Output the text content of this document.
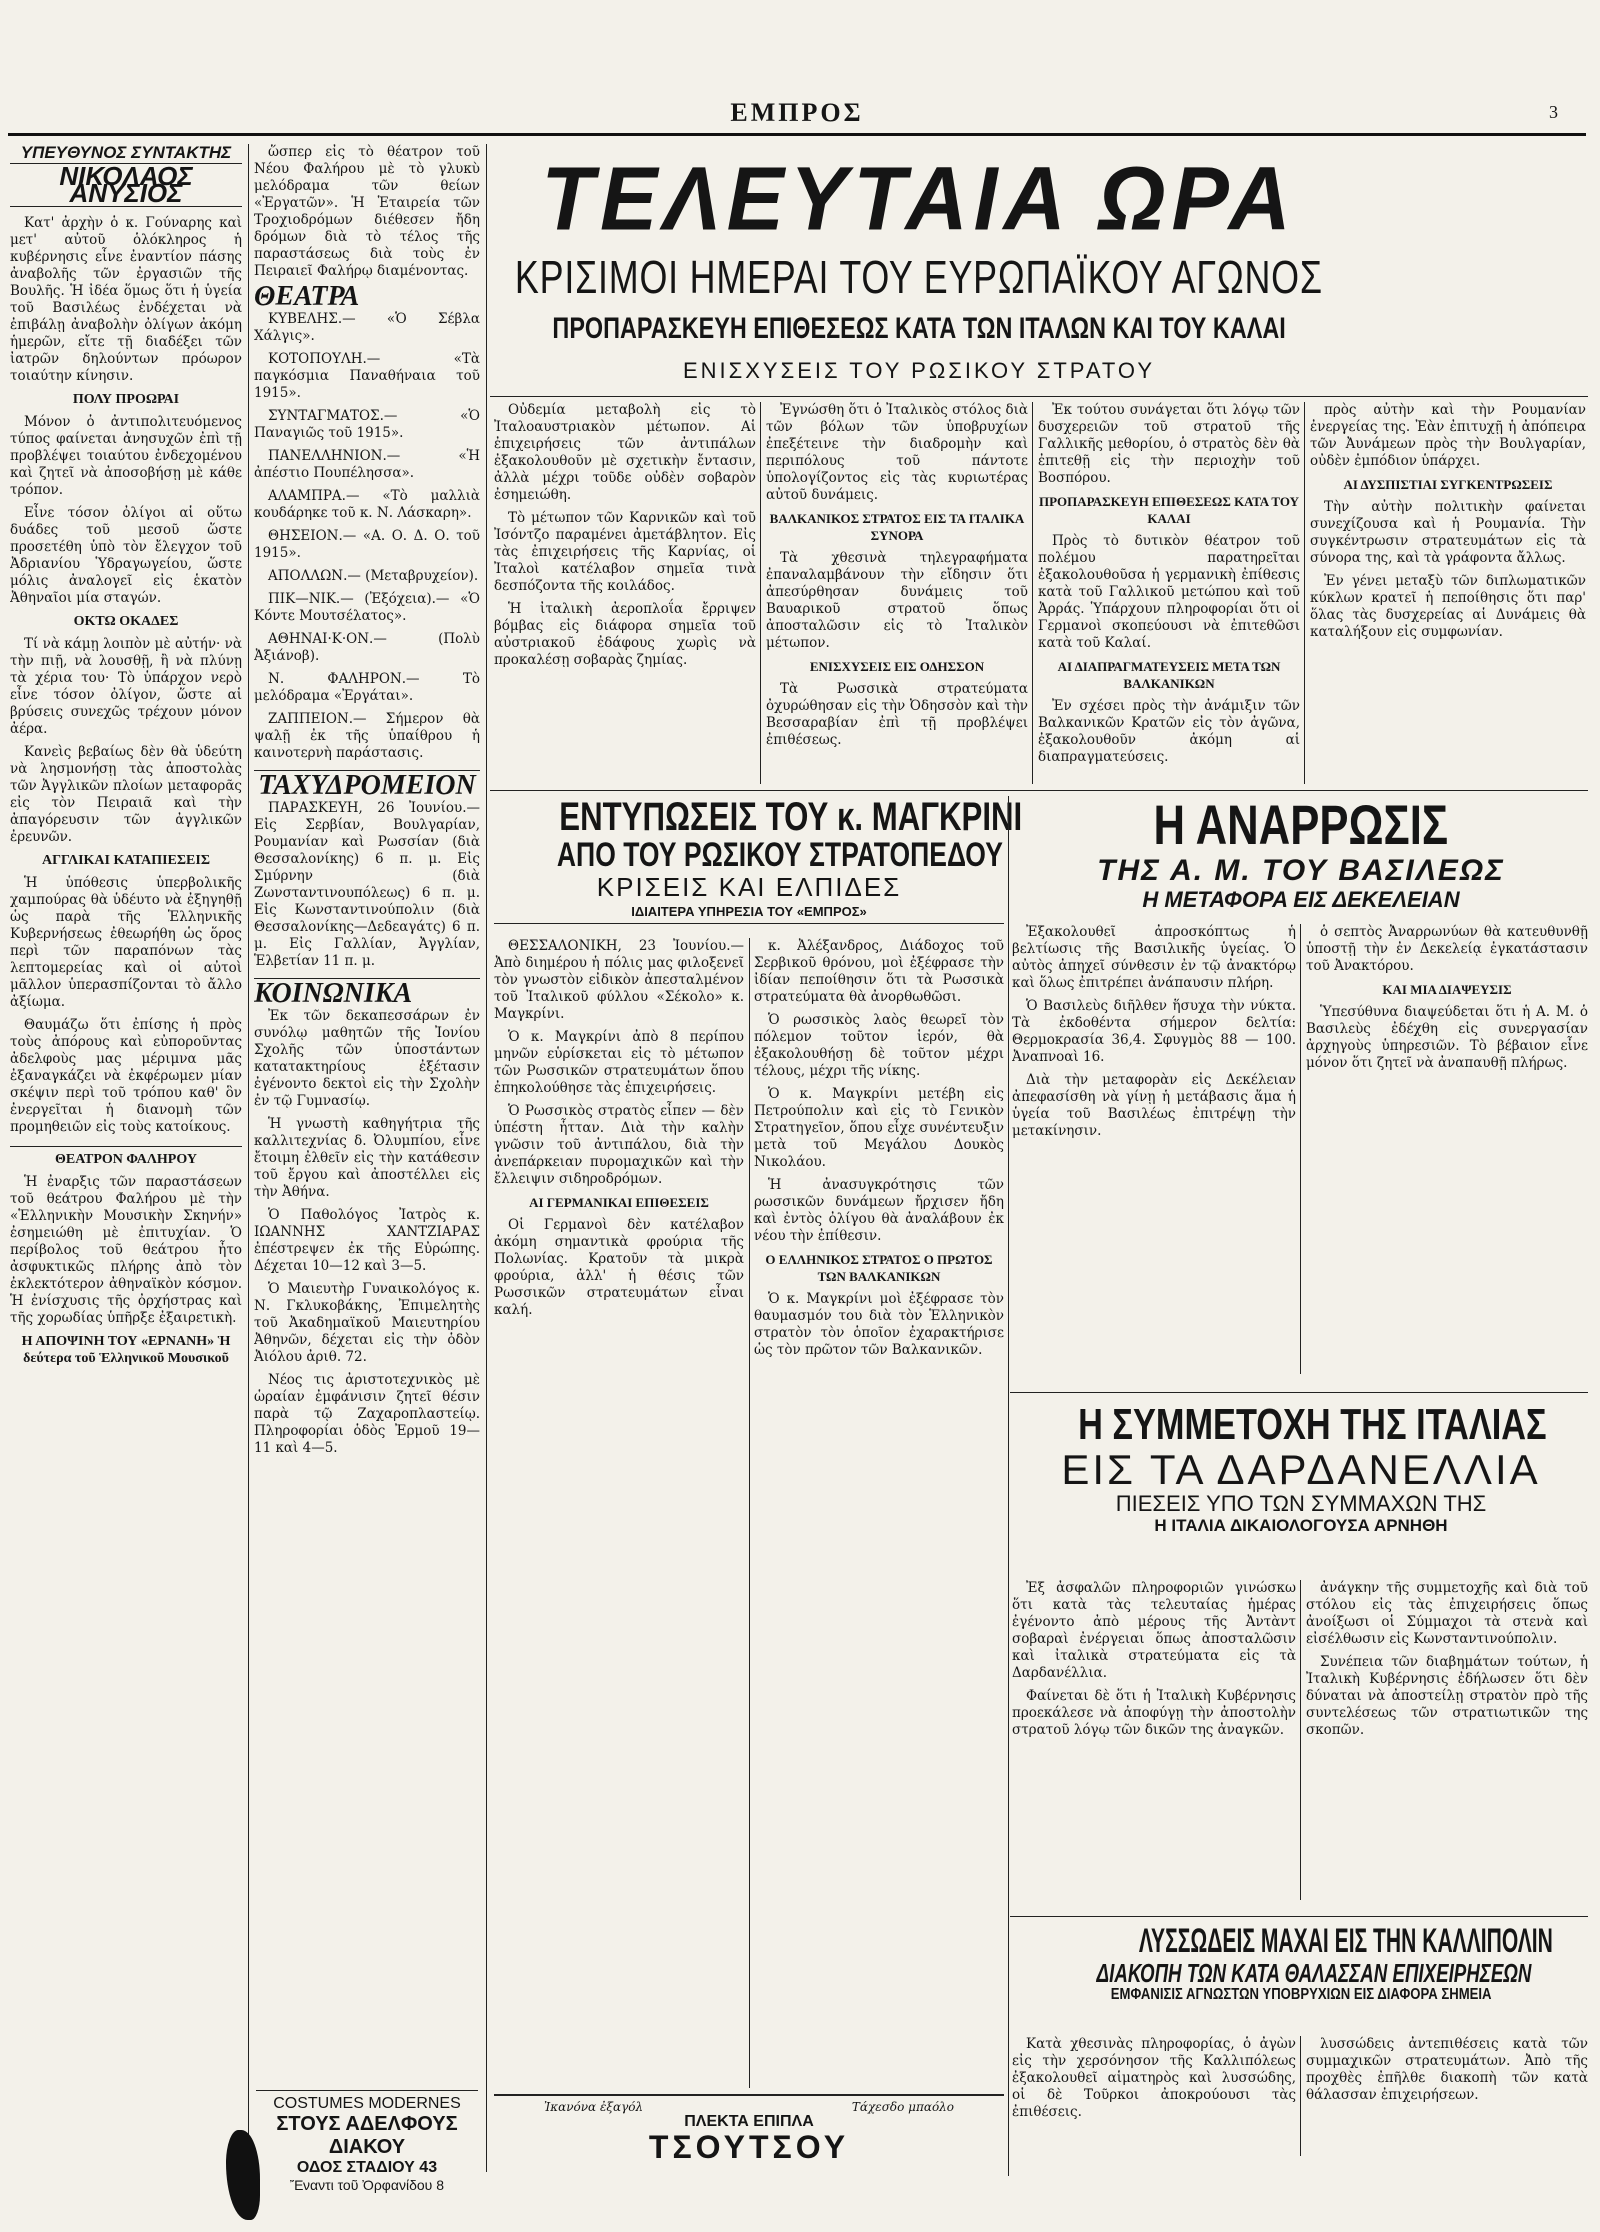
ΕΜΠΡΟΣ	3
ΥΠΕΥΘΥΝΟΣ ΣΥΝΤΑΚΤΗΣ
ΝΙΚΟΛΑΟΣ ΑΝΥΣΙΟΣ

Κατ' ἀρχὴν ὁ κ. Γούναρης καὶ μετ' αὐτοῦ ὁλόκληρος ἡ κυβέρνησις εἶνε ἐναντίον πάσης ἀναβολῆς τῶν ἐργασιῶν τῆς Βουλῆς. Ἡ ἰδέα ὅμως ὅτι ἡ ὑγεία τοῦ Βασιλέως ἐνδέχεται νὰ ἐπιβάλῃ ἀναβολὴν ὀλίγων ἀκόμη ἡμερῶν, εἴτε τῇ διαδέξει τῶν ἰατρῶν δηλούντων πρόωρον τοιαύτην κίνησιν.

ΠΟΛΥ ΠΡΟΩΡΑΙ

Μόνον ὁ ἀντιπολιτευόμενος τύπος φαίνεται ἀνησυχῶν ἐπὶ τῇ προβλέψει τοιαύτου ἐνδεχομένου καὶ ζητεῖ νὰ ἀποσοβήσῃ μὲ κάθε τρόπον.

Εἶνε τόσον ὀλίγοι αἱ οὕτω δυάδες τοῦ μεσοῦ ὥστε προσετέθη ὑπὸ τὸν ἔλεγχον τοῦ Ἀδριανίου Ὑδραγωγείου, ὥστε μόλις ἀναλογεῖ εἰς ἑκατὸν Ἀθηναῖοι μία σταγών.

ΟΚΤΩ ΟΚΑΔΕΣ

Τί νὰ κάμῃ λοιπὸν μὲ αὐτήν· νὰ τὴν πιῇ, νὰ λουσθῇ, ἢ νὰ πλύνῃ τὰ χέρια του· Τὸ ὑπάρχον νερὸ εἶνε τόσον ὀλίγον, ὥστε αἱ βρύσεις συνεχῶς τρέχουν μόνον ἀέρα.

Κανεὶς βεβαίως δὲν θὰ ὑδεύτη νὰ λησμονήσῃ τὰς ἀποστολὰς τῶν Ἀγγλικῶν πλοίων μεταφορᾶς εἰς τὸν Πειραιᾶ καὶ τὴν ἀπαγόρευσιν τῶν ἀγγλικῶν ἐρευνῶν.

ΑΓΓΛΙΚΑΙ ΚΑΤΑΠΙΕΣΕΙΣ

Ἡ ὑπόθεσις ὑπερβολικῆς χαμπούρας θὰ ὑδέυτο νὰ ἐξηγηθῇ ὡς παρὰ τῆς Ἑλληνικῆς Κυβερνήσεως ἐθεωρήθη ὡς ὅρος περὶ τῶν παραπόνων τὰς λεπτομερείας καὶ οἱ αὐτοὶ μᾶλλον ὑπερασπίζονται τὸ ἄλλο ἀξίωμα.

Θαυμάζω ὅτι ἐπίσης ἡ πρὸς τοὺς ἀπόρους καὶ εὐποροῦντας ἀδελφοὺς μας μέριμνα μᾶς ἐξαναγκάζει νὰ ἐκφέρωμεν μίαν σκέψιν περὶ τοῦ τρόπου καθ' ὃν ἐνεργεῖται ἡ διανομὴ τῶν προμηθειῶν εἰς τοὺς κατοίκους.

ΘΕΑΤΡΟΝ ΦΑΛΗΡΟΥ

Ἡ ἐναρξις τῶν παραστάσεων τοῦ θεάτρου Φαλήρου μὲ τὴν «Ἑλληνικὴν Μουσικὴν Σκηνήν» ἐσημειώθη μὲ ἐπιτυχίαν. Ὁ περίβολος τοῦ θεάτρου ἦτο ἀσφυκτικῶς πλήρης ἀπὸ τὸν ἐκλεκτότερον ἀθηναϊκὸν κόσμον. Ἡ ἐνίσχυσις τῆς ὀρχήστρας καὶ τῆς χορωδίας ὑπῆρξε ἐξαιρετικὴ.

Η ΑΠΟΨΙΝΗ ΤΟΥ «ΕΡΝΑΝΗ» Ἡ δεύτερα τοῦ Ἑλληνικοῦ Μουσικοῦ

ὥσπερ εἰς τὸ θέατρον τοῦ Νέου Φαλήρου μὲ τὸ γλυκὺ μελόδραμα τῶν θείων «Ἐργατῶν». Ἡ Ἑταιρεία τῶν Τροχιοδρόμων διέθεσεν ἤδη δρόμων διὰ τὸ τέλος τῆς παραστάσεως διὰ τοὺς ἐν Πειραιεῖ Φαλήρῳ διαμένοντας.

ΘΕΑΤΡΑ

ΚΥΒΕΛΗΣ.— «Ὁ Σέβλα Χάλγις».

ΚΟΤΟΠΟΥΛΗ.— «Τὰ παγκόσμια Παναθήναια τοῦ 1915».

ΣΥΝΤΑΓΜΑΤΟΣ.— «Ὁ Παναγιῶς τοῦ 1915».

ΠΑΝΕΛΛΗΝΙΟΝ.— «Ἡ ἀπέστιο Πουπέλησσα».

ΑΛΑΜΠΡΑ.— «Τὸ μαλλιὰ κουδάρηκε τοῦ κ. Ν. Λάσκαρη».

ΘΗΣΕΙΟΝ.— «Α. Ο. Δ. Ο. τοῦ 1915».

ΑΠΟΛΛΩΝ.— (Μεταβρυχείον).

ΠΙΚ—ΝΙΚ.— (Ἐξόχεια).— «Ὁ Κόντε Μουτσέλατος».

ΑΘΗΝΑΙ·Κ·ΟΝ.— (Πολὺ Ἀξιάνοβ).

Ν. ΦΑΛΗΡΟΝ.— Τὸ μελόδραμα «Ἐργάται».

ΖΑΠΠΕΙΟΝ.— Σήμερον θὰ ψαλῇ ἐκ τῆς ὑπαίθρου ἡ καινοτερνὴ παράστασις.

ΤΑΧΥΔΡΟΜΕΙΟΝ

ΠΑΡΑΣΚΕΥΗ, 26 Ἰουνίου.— Εἰς Σερβίαν, Βουλγαρίαν, Ρουμανίαν καὶ Ρωσσίαν (διὰ Θεσσαλονίκης) 6 π. μ. Εἰς Σμύρνην (διὰ Ζωνσταντινουπόλεως) 6 π. μ. Εἰς Κωνσταντινούπολιν (διὰ Θεσσαλονίκης—Δεδεαγάτς) 6 π. μ. Εἰς Γαλλίαν, Ἀγγλίαν, Ἑλβετίαν 11 π. μ.

ΚΟΙΝΩΝΙΚΑ

Ἐκ τῶν δεκαπεσσάρων ἐν συνόλῳ μαθητῶν τῆς Ἰονίου Σχολῆς τῶν ὑποστάντων κατατακτηρίους ἐξέτασιν ἐγένοντο δεκτοὶ εἰς τὴν Σχολὴν ἐν τῷ Γυμνασίῳ.

Ἡ γνωστὴ καθηγήτρια τῆς καλλιτεχνίας δ. Ὀλυμπίου, εἶνε ἔτοιμη ἐλθεῖν εἰς τὴν κατάθεσιν τοῦ ἔργου καὶ ἀποστέλλει εἰς τὴν Ἀθήνα.

Ὁ Παθολόγος Ἰατρὸς κ. ΙΩΑΝΝΗΣ ΧΑΝΤΖΙΑΡΑΣ ἐπέστρεψεν ἐκ τῆς Εὐρώπης. Δέχεται 10—12 καὶ 3—5.

Ὁ Μαιευτὴρ Γυναικολόγος κ. Ν. Γκλυκοβάκης, Ἐπιμελητὴς τοῦ Ἀκαδημαϊκοῦ Μαιευτηρίου Ἀθηνῶν, δέχεται εἰς τὴν ὁδὸν Ἀιόλου ἀριθ. 72.

Νέος τις ἀριστοτεχνικὸς μὲ ὡραίαν ἐμφάνισιν ζητεῖ θέσιν παρὰ τῷ Ζαχαροπλαστείῳ. Πληροφορίαι ὁδὸς Ἐρμοῦ 19—11 καὶ 4—5.

COSTUMES MODERNES
ΣΤΟΥΣ ΑΔΕΛΦΟΥΣ ΔΙΑΚΟΥ
ΟΔΟΣ ΣΤΑΔΙΟΥ 43
Ἔναντι τοῦ Ὀρφανίδου 8
ΤΕΛΕΥΤΑΙΑ ΩΡΑ
ΚΡΙΣΙΜΟΙ ΗΜΕΡΑΙ ΤΟΥ ΕΥΡΩΠΑΪΚΟΥ ΑΓΩΝΟΣ
ΠΡΟΠΑΡΑΣΚΕΥΗ ΕΠΙΘΕΣΕΩΣ ΚΑΤΑ ΤΩΝ ΙΤΑΛΩΝ ΚΑΙ ΤΟΥ ΚΑΛΑΙ
ΕΝΙΣΧΥΣΕΙΣ ΤΟΥ ΡΩΣΙΚΟΥ ΣΤΡΑΤΟΥ

Οὐδεμία μεταβολὴ εἰς τὸ Ἰταλοαυστριακὸν μέτωπον. Αἱ ἐπιχειρήσεις τῶν ἀντιπάλων ἐξακολουθοῦν μὲ σχετικὴν ἔντασιν, ἀλλὰ μέχρι τοῦδε οὐδὲν σοβαρὸν ἐσημειώθη.

Τὸ μέτωπον τῶν Καρνικῶν καὶ τοῦ Ἰσόντζο παραμένει ἀμετάβλητον. Εἰς τὰς ἐπιχειρήσεις τῆς Καρνίας, οἱ Ἰταλοὶ κατέλαβον σημεῖα τινὰ δεσπόζοντα τῆς κοιλάδος.

Ἡ ἰταλικὴ ἀεροπλοΐα ἔρριψεν βόμβας εἰς διάφορα σημεῖα τοῦ αὐστριακοῦ ἐδάφους χωρὶς νὰ προκαλέσῃ σοβαρὰς ζημίας.

Ἐγνώσθη ὅτι ὁ Ἰταλικὸς στόλος διὰ τῶν βόλων τῶν ὑποβρυχίων ἐπεξέτεινε τὴν διαδρομὴν καὶ περιπόλους τοῦ πάντοτε ὑπολογίζοντος εἰς τὰς κυριωτέρας αὐτοῦ δυνάμεις.

ΒΑΛΚΑΝΙΚΟΣ ΣΤΡΑΤΟΣ ΕΙΣ ΤΑ ΙΤΑΛΙΚΑ ΣΥΝΟΡΑ

Τὰ χθεσινὰ τηλεγραφήματα ἐπαναλαμβάνουν τὴν εἴδησιν ὅτι ἀπεσύρθησαν δυνάμεις τοῦ Βαυαρικοῦ στρατοῦ ὅπως ἀποσταλῶσιν εἰς τὸ Ἰταλικὸν μέτωπον.

ΕΝΙΣΧΥΣΕΙΣ ΕΙΣ ΟΔΗΣΣΟΝ

Τὰ Ρωσσικὰ στρατεύματα ὀχυρώθησαν εἰς τὴν Ὀδησσὸν καὶ τὴν Βεσσαραβίαν ἐπὶ τῇ προβλέψει ἐπιθέσεως.

Ἐκ τούτου συνάγεται ὅτι λόγῳ τῶν δυσχερειῶν τοῦ στρατοῦ τῆς Γαλλικῆς μεθορίου, ὁ στρατὸς δὲν θὰ ἐπιτεθῇ εἰς τὴν περιοχὴν τοῦ Βοσπόρου.

ΠΡΟΠΑΡΑΣΚΕΥΗ ΕΠΙΘΕΣΕΩΣ ΚΑΤΑ ΤΟΥ ΚΑΛΑΙ

Πρὸς τὸ δυτικὸν θέατρον τοῦ πολέμου παρατηρεῖται ἐξακολουθοῦσα ἡ γερμανικὴ ἐπίθεσις κατὰ τοῦ Γαλλικοῦ μετώπου καὶ τοῦ Ἀρράς. Ὑπάρχουν πληροφορίαι ὅτι οἱ Γερμανοὶ σκοπεύουσι νὰ ἐπιτεθῶσι κατὰ τοῦ Καλαί.

ΑΙ ΔΙΑΠΡΑΓΜΑΤΕΥΣΕΙΣ ΜΕΤΑ ΤΩΝ ΒΑΛΚΑΝΙΚΩΝ

Ἐν σχέσει πρὸς τὴν ἀνάμιξιν τῶν Βαλκανικῶν Κρατῶν εἰς τὸν ἀγῶνα, ἐξακολουθοῦν ἀκόμη αἱ διαπραγματεύσεις.

πρὸς αὐτὴν καὶ τὴν Ρουμανίαν ἐνεργείας της. Ἐὰν ἐπιτυχῇ ἡ ἀπόπειρα τῶν Ἀυνάμεων πρὸς τὴν Βουλγαρίαν, οὐδὲν ἐμπόδιον ὑπάρχει.

ΑΙ ΔΥΣΠΙΣΤΙΑΙ ΣΥΓΚΕΝΤΡΩΣΕΙΣ

Τὴν αὐτὴν πολιτικὴν φαίνεται συνεχίζουσα καὶ ἡ Ρουμανία. Τὴν συγκέντρωσιν στρατευμάτων εἰς τὰ σύνορα της, καὶ τὰ γράφοντα ἄλλως.

Ἐν γένει μεταξὺ τῶν διπλωματικῶν κύκλων κρατεῖ ἡ πεποίθησις ὅτι παρ' ὅλας τὰς δυσχερείας αἱ Δυνάμεις θὰ καταλήξουν εἰς συμφωνίαν.

ΕΝΤΥΠΩΣΕΙΣ ΤΟΥ κ. ΜΑΓΚΡΙΝΙ
ΑΠΟ ΤΟΥ ΡΩΣΙΚΟΥ ΣΤΡΑΤΟΠΕΔΟΥ
ΚΡΙΣΕΙΣ ΚΑΙ ΕΛΠΙΔΕΣ
ΙΔΙΑΙΤΕΡΑ ΥΠΗΡΕΣΙΑ ΤΟΥ «ΕΜΠΡΟΣ»

ΘΕΣΣΑΛΟΝΙΚΗ, 23 Ἰουνίου.— Ἀπὸ διημέρου ἡ πόλις μας φιλοξενεῖ τὸν γνωστὸν εἰδικὸν ἀπεσταλμένον τοῦ Ἰταλικοῦ φύλλου «Σέκολο» κ. Μαγκρίνι.

Ὁ κ. Μαγκρίνι ἀπὸ 8 περίπου μηνῶν εὑρίσκεται εἰς τὸ μέτωπον τῶν Ρωσσικῶν στρατευμάτων ὅπου ἐπηκολούθησε τὰς ἐπιχειρήσεις.

Ὁ Ρωσσικὸς στρατὸς εἶπεν — δὲν ὑπέστη ἧτταν. Διὰ τὴν καλὴν γνῶσιν τοῦ ἀντιπάλου, διὰ τὴν ἀνεπάρκειαν πυρομαχικῶν καὶ τὴν ἔλλειψιν σιδηροδρόμων.

ΑΙ ΓΕΡΜΑΝΙΚΑΙ ΕΠΙΘΕΣΕΙΣ

Οἱ Γερμανοὶ δὲν κατέλαβον ἀκόμη σημαντικὰ φρούρια τῆς Πολωνίας. Κρατοῦν τὰ μικρὰ φρούρια, ἀλλ' ἡ θέσις τῶν Ρωσσικῶν στρατευμάτων εἶναι καλή.

κ. Ἀλέξανδρος, Διάδοχος τοῦ Σερβικοῦ θρόνου, μοὶ ἐξέφρασε τὴν ἰδίαν πεποίθησιν ὅτι τὰ Ρωσσικὰ στρατεύματα θὰ ἀνορθωθῶσι.

Ὁ ρωσσικὸς λαὸς θεωρεῖ τὸν πόλεμον τοῦτον ἱερόν, θὰ ἐξακολουθήσῃ δὲ τοῦτον μέχρι τέλους, μέχρι τῆς νίκης.

Ὁ κ. Μαγκρίνι μετέβη εἰς Πετρούπολιν καὶ εἰς τὸ Γενικὸν Στρατηγεῖον, ὅπου εἶχε συνέντευξιν μετὰ τοῦ Μεγάλου Δουκὸς Νικολάου.

Ἡ ἀνασυγκρότησις τῶν ρωσσικῶν δυνάμεων ἤρχισεν ἤδη καὶ ἐντὸς ὀλίγου θὰ ἀναλάβουν ἐκ νέου τὴν ἐπίθεσιν.

Ο ΕΛΛΗΝΙΚΟΣ ΣΤΡΑΤΟΣ Ο ΠΡΩΤΟΣ ΤΩΝ ΒΑΛΚΑΝΙΚΩΝ

Ὁ κ. Μαγκρίνι μοὶ ἐξέφρασε τὸν θαυμασμόν του διὰ τὸν Ἑλληνικὸν στρατὸν τὸν ὁποῖον ἐχαρακτήρισε ὡς τὸν πρῶτον τῶν Βαλκανικῶν.

Ἰκανόνα ἐξαγόλ	Τάχεσδο μπαόλο
ΠΛΕΚΤΑ ΕΠΙΠΛΑ
ΤΣΟΥΤΣΟΥ
Η ΑΝΑΡΡΩΣΙΣ
ΤΗΣ Α. Μ. ΤΟΥ ΒΑΣΙΛΕΩΣ
Η ΜΕΤΑΦΟΡΑ ΕΙΣ ΔΕΚΕΛΕΙΑΝ

Ἐξακολουθεῖ ἀπροσκόπτως ἡ βελτίωσις τῆς Βασιλικῆς ὑγείας. Ὁ αὐτὸς ἀπηχεῖ σύνθεσιν ἐν τῷ ἀνακτόρῳ καὶ ὅλως ἐπιτρέπει ἀνάπαυσιν πλήρη.

Ὁ Βασιλεὺς διῆλθεν ἥσυχα τὴν νύκτα. Τὰ ἐκδοθέντα σήμερον δελτία: Θερμοκρασία 36,4. Σφυγμὸς 88 — 100. Ἀναπνοαὶ 16.

Διὰ τὴν μεταφορὰν εἰς Δεκέλειαν ἀπεφασίσθη νὰ γίνῃ ἡ μετάβασις ἅμα ἡ ὑγεία τοῦ Βασιλέως ἐπιτρέψῃ τὴν μετακίνησιν.

ὁ σεπτὸς Ἀναρρωνύων θὰ κατευθυνθῇ ὑποστῇ τὴν ἐν Δεκελείᾳ ἐγκατάστασιν τοῦ Ἀνακτόρου.

ΚΑΙ ΜΙΑ ΔΙΑΨΕΥΣΙΣ

Ὑπεσύθυνα διαψεύδεται ὅτι ἡ Α. Μ. ὁ Βασιλεὺς ἐδέχθη εἰς συνεργασίαν ἀρχηγοὺς ὑπηρεσιῶν. Τὸ βέβαιον εἶνε μόνον ὅτι ζητεῖ νὰ ἀναπαυθῇ πλήρως.

Η ΣΥΜΜΕΤΟΧΗ ΤΗΣ ΙΤΑΛΙΑΣ
ΕΙΣ ΤΑ ΔΑΡΔΑΝΕΛΛΙΑ
ΠΙΕΣΕΙΣ ΥΠΟ ΤΩΝ ΣΥΜΜΑΧΩΝ ΤΗΣ
Η ΙΤΑΛΙΑ ΔΙΚΑΙΟΛΟΓΟΥΣΑ ΑΡΝΗΘΗ

Ἐξ ἀσφαλῶν πληροφοριῶν γινώσκω ὅτι κατὰ τὰς τελευταίας ἡμέρας ἐγένοντο ἀπὸ μέρους τῆς Ἀντὰντ σοβαραὶ ἐνέργειαι ὅπως ἀποσταλῶσιν καὶ ἰταλικὰ στρατεύματα εἰς τὰ Δαρδανέλλια.

Φαίνεται δὲ ὅτι ἡ Ἰταλικὴ Κυβέρνησις προεκάλεσε νὰ ἀποφύγῃ τὴν ἀποστολὴν στρατοῦ λόγῳ τῶν δικῶν της ἀναγκῶν.

ἀνάγκην τῆς συμμετοχῆς καὶ διὰ τοῦ στόλου εἰς τὰς ἐπιχειρήσεις ὅπως ἀνοίξωσι οἱ Σύμμαχοι τὰ στενὰ καὶ εἰσέλθωσιν εἰς Κωνσταντινούπολιν.

Συνέπεια τῶν διαβημάτων τούτων, ἡ Ἰταλικὴ Κυβέρνησις ἐδήλωσεν ὅτι δὲν δύναται νὰ ἀποστείλῃ στρατὸν πρὸ τῆς συντελέσεως τῶν στρατιωτικῶν της σκοπῶν.

ΛΥΣΣΩΔΕΙΣ ΜΑΧΑΙ ΕΙΣ ΤΗΝ ΚΑΛΛΙΠΟΛΙΝ
ΔΙΑΚΟΠΗ ΤΩΝ ΚΑΤΑ ΘΑΛΑΣΣΑΝ ΕΠΙΧΕΙΡΗΣΕΩΝ
ΕΜΦΑΝΙΣΙΣ ΑΓΝΩΣΤΩΝ ΥΠΟΒΡΥΧΙΩΝ ΕΙΣ ΔΙΑΦΟΡΑ ΣΗΜΕΙΑ

Κατὰ χθεσινὰς πληροφορίας, ὁ ἀγὼν εἰς τὴν χερσόνησον τῆς Καλλιπόλεως ἐξακολουθεῖ αἱματηρὸς καὶ λυσσώδης, οἱ δὲ Τοῦρκοι ἀποκρούουσι τὰς ἐπιθέσεις.

λυσσώδεις ἀντεπιθέσεις κατὰ τῶν συμμαχικῶν στρατευμάτων. Ἀπὸ τῆς προχθὲς ἐπῆλθε διακοπὴ τῶν κατὰ θάλασσαν ἐπιχειρήσεων.
